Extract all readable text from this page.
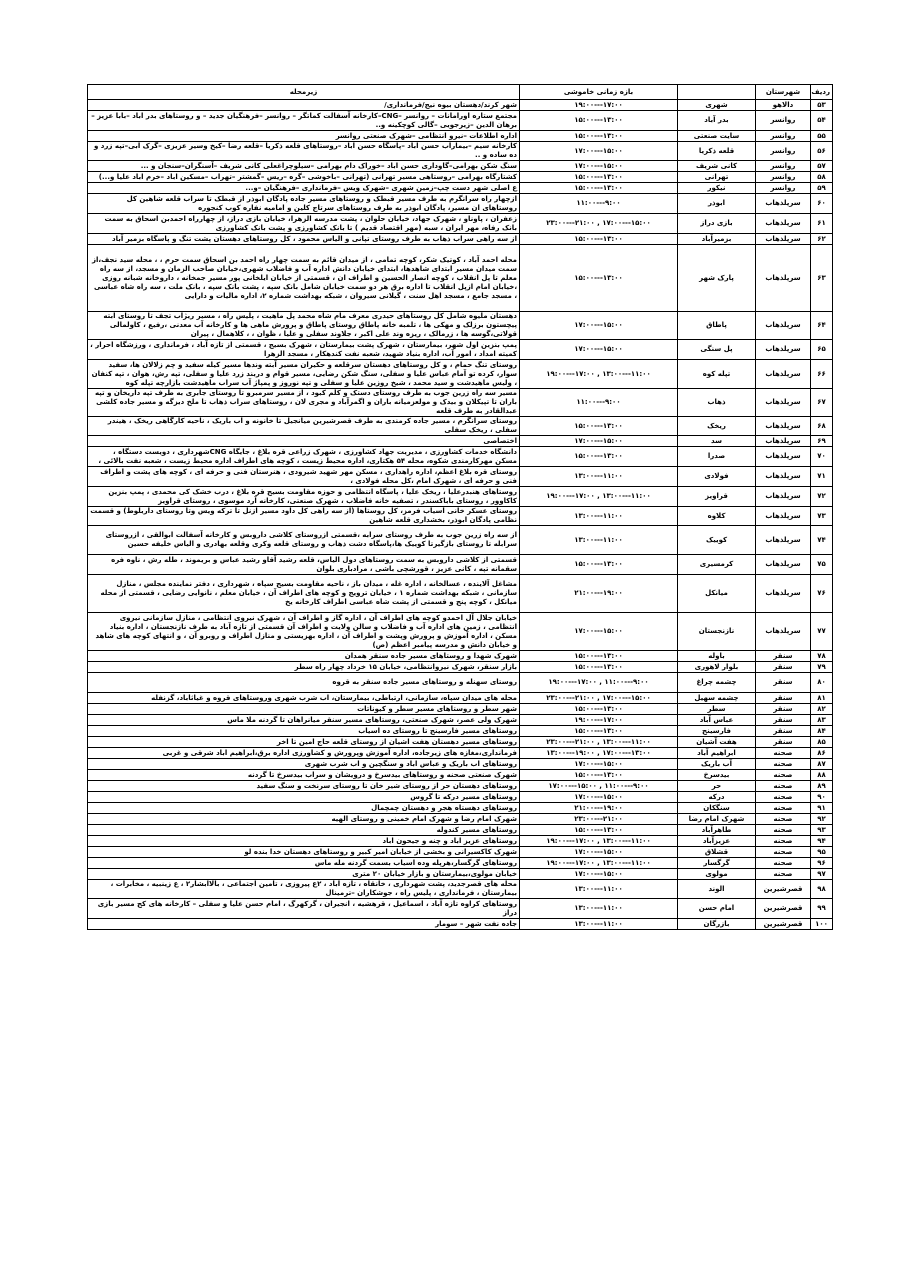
ردیف	شهرستان		بازه زمانی خاموشی	زیرمحله
۵۳	دالاهو	شهری	۱۷:۰۰---۱۹:۰۰	شهر کرند/دهستان بیوه نیج/فرمانداری/
۵۴	روانسر	بدر آباد	۱۳:۰۰---۱۵:۰۰	مجتمع ستاره اورامانات – روانسر –CNG–کارخانه آسفالت کماتگر – روانسر –فرهنگیان جدید – و روستاهای بدر اباد –بابا عزیز –برهان الدین –زیرجویی –گالی کوچکینه و..
۵۵	روانسر	سایت صنعتی	۱۳:۰۰---۱۵:۰۰	اداره اطلاعات –نیرو انتظامی –شهرک صنعتی روانسر
۵۶	روانسر	قلعه ذکریا	۱۵:۰۰---۱۷:۰۰	کارخانه سیم –بیماراب حسن اباد –پاسگاه حسن اباد –روستاهای قلعه ذکریا –قلعه رضا –کیخ وسیر عزیزی –گرک آبی–تپه زرد و ده ساده و ..
۵۷	روانسر	کانی شریف	۱۵:۰۰---۱۷:۰۰	سنگ شکن بهرامی–گاوداری حسن اباد –خوراک دام بهرامی –سیلوچراغعلی کانی شریف –آسنگران–سنجان و ...
۵۸	روانسر	تهرانی	۱۳:۰۰---۱۵:۰۰	کشتارگاه بهرامی –روستاهی مسیر تهرانی (تهرانی –باخوشی –گره –ریس –گمشتر –تهراب –مسکین اباد –خرم اباد علیا و...)
۵۹	روانسر	نیکور	۱۳:۰۰---۱۵:۰۰	ع اصلی شهر دست چپ–زمین شهری –شهرک ویس –فرمانداری –فرهنگیان –و...
۶۰	سرپلذهاب	ابوذر	۹:۰۰---۱۱:۰۰	ازچهار راه سرانگرم به طرف مسیر قبطک و روستاهای مسیر جاده پادگان ابوذر از قبطک تا سراب قلعه شاهین کل روستاهای ان مسیر، پادگان ابوذر به طرف روستاهای سرتاج کلین و امامیه نفاره کوب کنجوره
۶۱	سرپلذهاب	بازی دراز	۱۵:۰۰---۱۷:۰۰ , ۲۱:۰۰---۲۳:۰۰	زعفران ، پاوناو ، شهرک جهاد، خیابان حلوان ، پشت مدرسه الزهرا، خیابان بازی دراز، از چهارراه احمدبن اسحاق به سمت بانک رفاه، مهر ایران ، سبه (مهر اقتصاد قدیم ) تا بانک کشاورزی و پشت بانک کشاورزی
۶۲	سرپلذهاب	بزمیرآباد	۱۳:۰۰---۱۵:۰۰	از سه راهی سراب ذهاب به طرف روستای تپانی و الیاس محمود ، کل روستاهای دهستان پشت تنگ و پاسگاه بزمیر آباد
۶۳	سرپلذهاب	پارک شهر	۱۳:۰۰---۱۵:۰۰	محله احمد آباد ، کوتیک شکر، کوچه تمامی ، از میدان قائم به سمت چهار راه احمد بن اسحاق سمت حرم ، ، محله سید نجف،از سمت میدان مسیر ابتدای شاهدها، ابتدای خیابان دانش اداره آب و فاضلاب شهری،خیابان صاحب الزمان و مسجد، از سه راه معلم تا پل انقلاب ، کوچه انصار الحسین و اطراف ان ، قسمتی از خیابان ایلخانی پور مسیر جمخانه ، داروخانه شبانه روزی ،خیابان امام ازپل انقلاب تا اداره برق هر دو سمت خیابان شامل بانک سپه ، پشت بانک سپه ، بانک ملت ، سه راه شاه عباسی ، مسجد جامع ، مسجد اهل سنت ، گیلانی سیروان ، شبکه بهداشت شماره ۲، اداره مالیات و دارایی
۶۴	سرپلذهاب	پاطاق	۱۵:۰۰---۱۷:۰۰	دهستان ملیوه شامل کل روستاهای حیدری معرف مام شاه محمد پل ماهیت ، پلیس راه ، مسیر ریژاب تجف تا روستای آبته پیچستون برزلک و مهکی ها ، تلمبه خانه پاطاق روستای پاطاق و پرورش ماهی ها و کارخانه آب معدنی ،رفیع ، کاولمالی قولاتی،گوسه ها ، زرمالک ، ریزه وند علی اکبر ، جلاوند سفلی و علیا ، ظوان ، ، کلاهمال ، پیران
۶۵	سرپلذهاب	پل سنگی	۱۵:۰۰---۱۷:۰۰	پمپ بنزین اول شهر، بیمارستان ، شهرک پشت بیمارستان ، شهرک بسیج ، قسمتی از تازه آباد ، فرمانداری ، ورزشگاه احرار ، کمیته امداد ، امور آب، اداره بنیاد شهید، شعبه نفت کندهکار ، مسجد الزهرا
۶۶	سرپلذهاب	تپله کوه	۱۱:۰۰---۱۳:۰۰ , ۱۷:۰۰---۱۹:۰۰	روستای تنگ حمام ، و کل روستاهای دهستان سرقلعه و حکیران مسیر آبته وندها مسیر کیله سفید و چم زلالان ها، سفید سوار، کرده تو آمام عباس علیا و سفلی، سنگ شکن رضایی، مسیر قوام و دربند زرد علیا و سفلی، تپه رش، هوان ، تپه کنفان ، ولیس ماهیدشت و سید محمد ، شیخ روزین علیا و سفلی و تپه نوروز و پمپاژ آب سراب ماهیدشت بازارچه تپله کوه
۶۷	سرپلذهاب	ذهاب	۹:۰۰---۱۱:۰۰	مسیر سه راه زرین جوب به طرف روستای دستک و کلم کبود ، از مسیر سرمبرو تا روستای جابری به طرف تپه داریخان و تپه باران تا تپیکلان و بیدک و مولعزمیانه باران و اگمرآباد و مجری لان ، روستاهای سراب ذهاب تا ملخ دیزگه و مسیر جاده کلشی عبدالقادر به طرف قلعه
۶۸	سرپلذهاب	ریخک	۱۳:۰۰---۱۵:۰۰	روستای سرانگرم ، مسیر جاده کرمندی به طرف قصرشیرین میانجیل تا خانونه و آب باریک ، ناحیه کارگاهی ریخک ، هیندر سفلی ، ریخک سفلی
۶۹	سرپلذهاب	سد	۱۵:۰۰---۱۷:۰۰	اختصاصی
۷۰	سرپلذهاب	صدرا	۱۳:۰۰---۱۵:۰۰	دانشگاه خدمات کشاورزی ، مدیریت جهاد کشاورزی ، شهرک زراعی قره بلاغ ، جایگاه CNGشهرداری ، دویست دستگاه ، مسکن مهرکارمندی شکوه، محله ۵۴ هکتاری، اداره محیط زیست ، کوچه های اطراف اداره محیط زیست ، شعبه نفت بالائی ،
۷۱	سرپلذهاب	فولادی	۱۱:۰۰---۱۳:۰۰	روستای قره بلاغ اعظم، اداره راهداری ، مسکن مهر شهید شیرودی ، هنرستان فنی و حرفه ای ، کوچه های پشت و اطراف فنی و حرفه ای ، شهرک امام ،کل محله فولادی ،
۷۲	سرپلذهاب	قراویز	۱۱:۰۰---۱۳:۰۰ , ۱۷:۰۰---۱۹:۰۰	روستاهای هنبدرعلیا ، ریخک علیا ، پاسگاه انتظامی و حوزه مقاومت بسیج قره بلاغ ، درب خشک کی محمدی ، پمپ بنزین کاکاوور ، روستای باباکسندر ، تصفیه خانه فاضلاب ، شهرک صنعتی، کارخانه آرد موسوی ، روستای قراویز
۷۳	سرپلذهاب	کلاوه	۱۱:۰۰---۱۳:۰۰	روستای عسکر خانی آسیاب فرمز، کل روستاها (از سه راهی کل داود مسیر ازنل تا ترکه ویس وتا روستای داربلوط) و قسمت نظامی پادگان ابوذر، بخشداری قلعه شاهین
۷۴	سرپلذهاب	کوییک	۱۱:۰۰---۱۳:۰۰	از سه راه زرین جوب به طرف روستای سرابه ،قسمتی ازروستای کلاشی داروبس و کارخانه آسفالت ابوالقی ، ازروستای سرابله تا روستای بازگیرتا کوییک ها،پاسگاه دشت ذهاب و روستای قلعه وکری وقلعه بهادری و الیاس خلیفه حسین
۷۵	سرپلذهاب	کرمسیری	۱۳:۰۰---۱۵:۰۰	قسمتی از کلاشی داروبس به سمت روستاهای دول الیاس، قلعه رشید آقاو رشید عباس و بریموند ، طله رش ، ناوه فره سقمانه تپه ، کانی عزیز ، قورشچی باشی ، مرادباری بلوان
۷۶	سرپلذهاب	میانکل	۱۹:۰۰---۲۱:۰۰	مشاغل آلاینده ، عسالخانه ، اداره غله ، میدان باز ، ناحیه مقاومت بسیج سپاه ، شهرداری ، دفتر نماینده مجلس ، منازل سازمانی ، شبکه بهداشت شماره ۱ ، خیابان ترویج و کوچه های اطراف آن ، خیابان معلم ، نانوایی رضایی ، قسمتی از محله میانکل ، کوچه پنج و قسمتی از پشت شاه عباسی اطراف کارخانه یخ
۷۷	سرپلذهاب	نازنجستان	۱۵:۰۰---۱۷:۰۰	خیابان جلال آل احمدو کوچه های اطراف آن ، اداره گاز و اطراف آن ، شهرک نیروی انتظامی ، منازل سازمانی نیروی انتظامی ، زمین های اداره آب و فاضلاب و سالن ولایت و اطراف آن قسمتی از تازه آباد به طرف نازنجستان ، اداره بنیاد مسکن ، اداره آموزش و پرورش وپشت و اطراف آن ، اداره بهزیستی و منازل اطراف و روبرو آن ، و انتهای کوچه های شاهد و خیابان دانش و مدرسه پیامبر اعظم (ص)
۷۸	سنقر	باوله	۱۳:۰۰---۱۵:۰۰	شهرک شهدا و روستاهای مسیر جاده سنقر همدان
۷۹	سنقر	بلوار لاهوری	۱۳:۰۰---۱۵:۰۰	بازار سنقر، شهرک نیروانتظامی، خیابان ۱۵ خرداد چهار راه سطر
۸۰	سنقر	چشمه چراغ	۹:۰۰---۱۱:۰۰ , ۱۷:۰۰---۱۹:۰۰	روستای سهنله و روستاهای مسیر جاده سنقر به قروه
۸۱	سنقر	چشمه سهیل	۱۵:۰۰---۱۷:۰۰ , ۲۱:۰۰---۲۳:۰۰	محله های میدان سپاه، سازمانی، ارتباطی، بیمارستان، اب شرب شهری وروستاهای قروه و غیاثاباد، گزنفله
۸۲	سنقر	سطر	۱۳:۰۰---۱۵:۰۰	شهر سطر و روستاهای مسیر سطر و کیوناتات
۸۳	سنقر	عباس آباد	۱۷:۰۰---۱۹:۰۰	شهرک ولی عصر، شهرک صنعتی، روستاهای مسیر سنقر میانراهان تا گردنه ملا ماس
۸۴	سنقر	فارسینج	۱۳:۰۰---۱۵:۰۰	روستاهای مسیر فارسینج تا روستای ده اسیاب
۸۵	سنقر	هفت آشیان	۱۱:۰۰---۱۳:۰۰ , ۲۱:۰۰---۲۳:۰۰	روستاهای مسیر دهستان هفت اشیان از روستای قلعه حاج امین تا اخر
۸۶	صحنه	ابراهیم آباد	۱۳:۰۰---۱۷:۰۰ , ۱۹:۰۰---۱۳:۰۰	فرمانداری،مغازه های زیرجاده، اداره آموزش وپرورش و کشاورزی اداره برق،ابراهیم اباد شرقی و غربی
۸۷	صحنه	آب باریک	۱۵:۰۰---۱۷:۰۰	روستاهای اب باریک و عباس اباد و سنگچین و اب شرب شهری
۸۸	صحنه	بیدسرخ	۱۳:۰۰---۱۵:۰۰	شهرک صنعتی صحنه و روستاهای بیدسرخ و درویشان و سراب بیدسرخ تا گردنه
۸۹	صحنه	حر	۹:۰۰---۱۱:۰۰ , ۱۵:۰۰---۱۷:۰۰	روستاهای دهستان حر از روستای شیر خان تا روستای سرنخت و سنگ سفید
۹۰	صحنه	درکه	۱۵:۰۰---۱۷:۰۰	روستاهای مسیر درکه تا گروس
۹۱	صحنه	سنگکان	۱۹:۰۰---۲۱:۰۰	روستاهای دهستاه هجر و دهستان چمچمال
۹۲	صحنه	شهرک امام رضا	۲۱:۰۰---۲۳:۰۰	شهرک امام رضا و شهرک امام خمینی و روستای الهیه
۹۳	صحنه	طاهرآباد	۱۳:۰۰---۱۵:۰۰	روستاهای مسیر کندوله
۹۴	صحنه	عزیزآباد	۱۱:۰۰---۱۳:۰۰ , ۱۷:۰۰---۱۹:۰۰	روستاهای عزیز اباد و چنه و جیحون اباد
۹۵	صحنه	قشلاق	۱۵:۰۰---۱۷:۰۰	شهرک کاکسیرانی و بخشی از خیابان امیر کبیر و روستاهای دهستان خدا بنده لو
۹۶	صحنه	گرگسار	۱۱:۰۰---۱۳:۰۰ , ۱۷:۰۰---۱۹:۰۰	روستاهای گرگسار،هرپله وده اسیاب بسمت گردنه مله ماس
۹۷	صحنه	مولوی	۱۵:۰۰---۱۷:۰۰	خیابان مولوی،بیمارستان و بازار خیابان ۲۰ متری
۹۸	قصرشیرین	الوند	۱۱:۰۰---۱۳:۰۰	محله های قصرجدید، پشت شهرداری ، خانقاه ، تازه آباد ، ۲ع پیروزی ، تامین اجتماعی ، بالاآبشار۲ ، ع زینبیه ، مخابرات ، بیمارستان ، فرمانداری ، پلیس راه ، جوشکاران –ترمینال
۹۹	قصرشیرین	امام حسن	۱۱:۰۰---۱۳:۰۰	روستاهای کراوه تازه آباد ، اسماعیل ، قرهشیه ، انجیران ، گرکهرگ ، امام حسن علیا و سفلی – کارخانه های کج مسیر بازی دراز
۱۰۰	قصرشیرین	بازرگان	۱۱:۰۰---۱۳:۰۰	جاده نفت شهر – سومار
